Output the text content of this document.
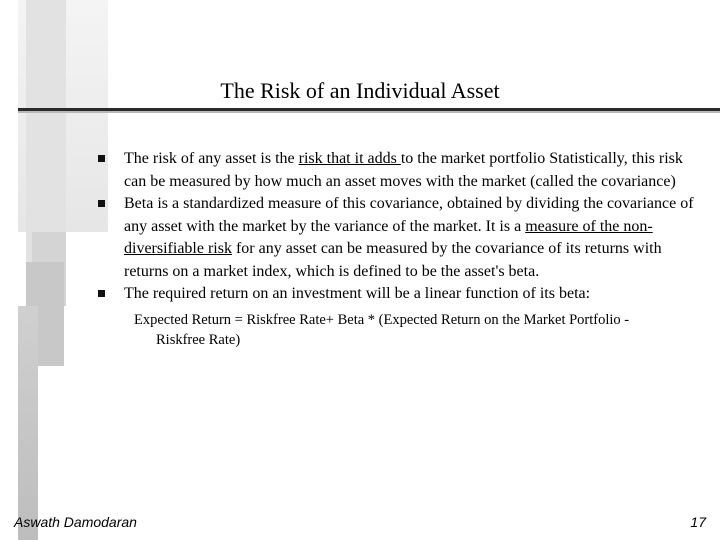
The Risk of an Individual Asset
The risk of any asset is the risk that it adds to the market portfolio Statistically, this risk can be measured by how much an asset moves with the market (called the covariance)
Beta is a standardized measure of this covariance, obtained by dividing the covariance of any asset with the market by the variance of the market. It is a measure of the non-diversifiable risk for any asset can be measured by the covariance of its returns with returns on a market index, which is defined to be the asset's beta.
The required return on an investment will be a linear function of its beta:
Expected Return = Riskfree Rate+ Beta * (Expected Return on the Market Portfolio -
Riskfree Rate)
Aswath Damodaran	17
